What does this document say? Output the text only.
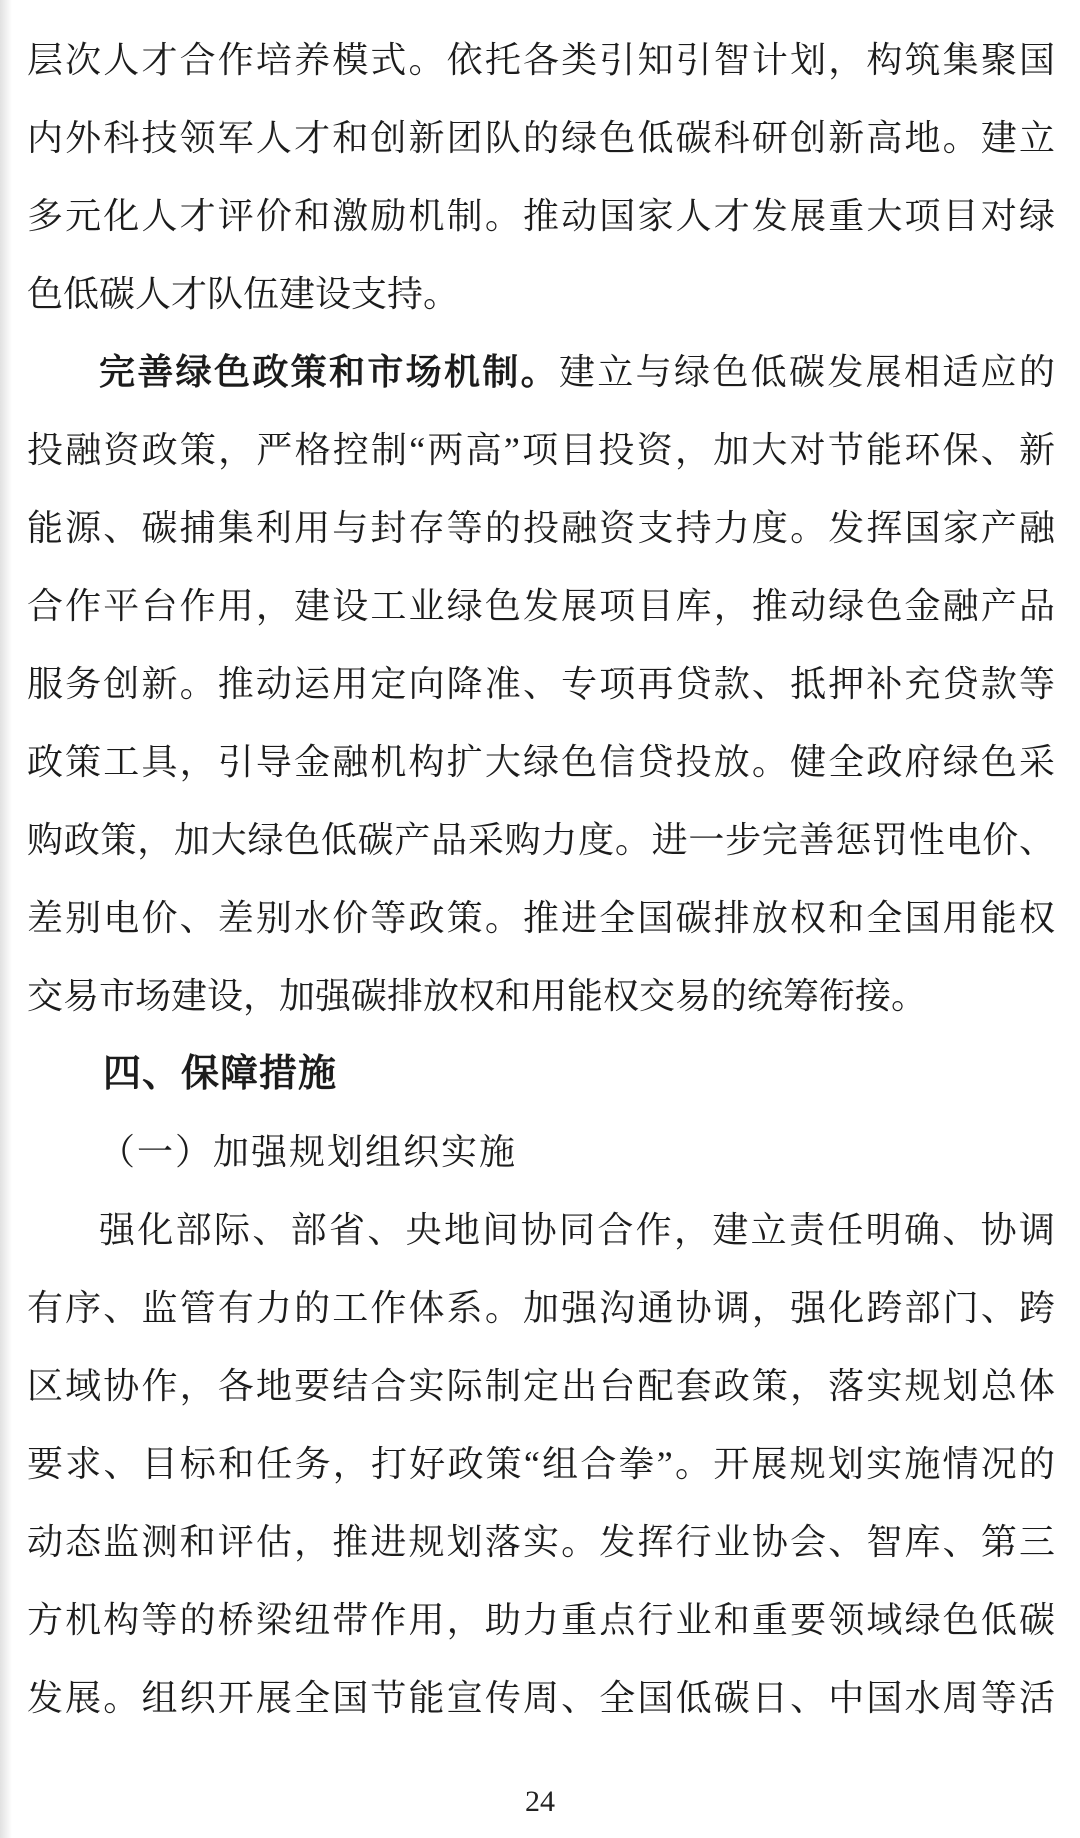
层次人才合作培养模式。依托各类引知引智计划，构筑集聚国
内外科技领军人才和创新团队的绿色低碳科研创新高地。建立
多元化人才评价和激励机制。推动国家人才发展重大项目对绿
色低碳人才队伍建设支持。
完善绿色政策和市场机制。建立与绿色低碳发展相适应的
投融资政策，严格控制“两高”项目投资，加大对节能环保、新
能源、碳捕集利用与封存等的投融资支持力度。发挥国家产融
合作平台作用，建设工业绿色发展项目库，推动绿色金融产品
服务创新。推动运用定向降准、专项再贷款、抵押补充贷款等
政策工具，引导金融机构扩大绿色信贷投放。健全政府绿色采
购政策，加大绿色低碳产品采购力度。进一步完善惩罚性电价、
差别电价、差别水价等政策。推进全国碳排放权和全国用能权
交易市场建设，加强碳排放权和用能权交易的统筹衔接。
四、保障措施
（一）加强规划组织实施
强化部际、部省、央地间协同合作，建立责任明确、协调
有序、监管有力的工作体系。加强沟通协调，强化跨部门、跨
区域协作，各地要结合实际制定出台配套政策，落实规划总体
要求、目标和任务，打好政策“组合拳”。开展规划实施情况的
动态监测和评估，推进规划落实。发挥行业协会、智库、第三
方机构等的桥梁纽带作用，助力重点行业和重要领域绿色低碳
发展。组织开展全国节能宣传周、全国低碳日、中国水周等活
24
